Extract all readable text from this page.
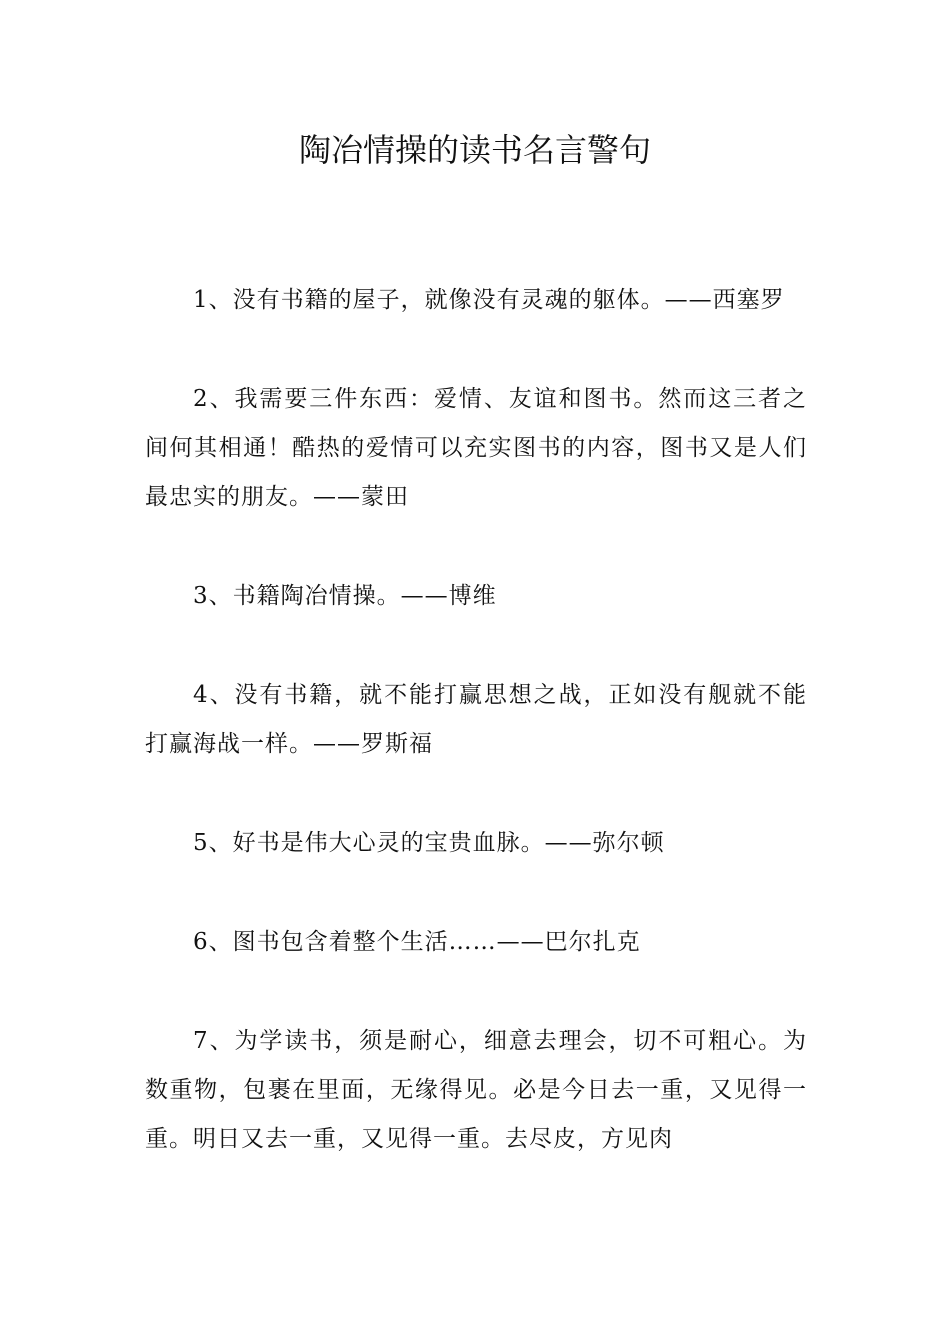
陶冶情操的读书名言警句

1、没有书籍的屋子，就像没有灵魂的躯体。——西塞罗

2、我需要三件东西：爱情、友谊和图书。然而这三者之间何其相通！酷热的爱情可以充实图书的内容，图书又是人们最忠实的朋友。——蒙田

3、书籍陶冶情操。——博维

4、没有书籍，就不能打赢思想之战，正如没有舰就不能打赢海战一样。——罗斯福

5、好书是伟大心灵的宝贵血脉。——弥尔顿

6、图书包含着整个生活……——巴尔扎克

7、为学读书，须是耐心，细意去理会，切不可粗心。为数重物，包裹在里面，无缘得见。必是今日去一重，又见得一重。明日又去一重，又见得一重。去尽皮，方见肉
